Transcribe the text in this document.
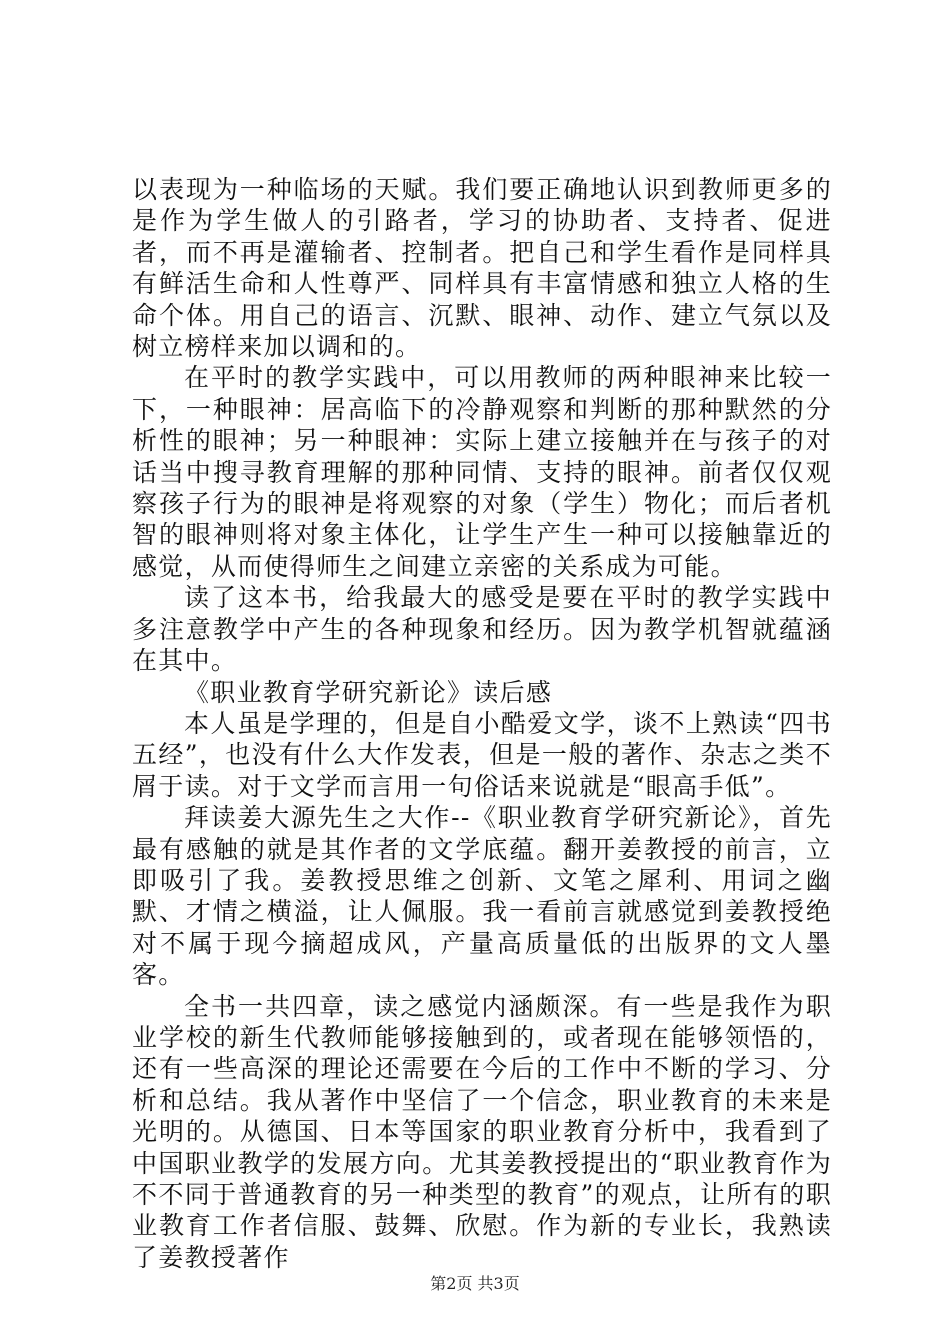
以表现为一种临场的天赋。我们要正确地认识到教师更多的是作为学生做人的引路者，学习的协助者、支持者、促进者，而不再是灌输者、控制者。把自己和学生看作是同样具有鲜活生命和人性尊严、同样具有丰富情感和独立人格的生命个体。用自己的语言、沉默、眼神、动作、建立气氛以及树立榜样来加以调和的。

在平时的教学实践中，可以用教师的两种眼神来比较一下，一种眼神：居高临下的冷静观察和判断的那种默然的分析性的眼神；另一种眼神：实际上建立接触并在与孩子的对话当中搜寻教育理解的那种同情、支持的眼神。前者仅仅观察孩子行为的眼神是将观察的对象（学生）物化；而后者机智的眼神则将对象主体化，让学生产生一种可以接触靠近的感觉，从而使得师生之间建立亲密的关系成为可能。

读了这本书，给我最大的感受是要在平时的教学实践中多注意教学中产生的各种现象和经历。因为教学机智就蕴涵在其中。

《职业教育学研究新论》读后感

本人虽是学理的，但是自小酷爱文学，谈不上熟读“四书五经”，也没有什么大作发表，但是一般的著作、杂志之类不屑于读。对于文学而言用一句俗话来说就是“眼高手低”。

拜读姜大源先生之大作--《职业教育学研究新论》，首先最有感触的就是其作者的文学底蕴。翻开姜教授的前言，立即吸引了我。姜教授思维之创新、文笔之犀利、用词之幽默、才情之横溢，让人佩服。我一看前言就感觉到姜教授绝对不属于现今摘超成风，产量高质量低的出版界的文人墨客。

全书一共四章，读之感觉内涵颇深。有一些是我作为职业学校的新生代教师能够接触到的，或者现在能够领悟的，还有一些高深的理论还需要在今后的工作中不断的学习、分析和总结。我从著作中坚信了一个信念，职业教育的未来是光明的。从德国、日本等国家的职业教育分析中，我看到了中国职业教学的发展方向。尤其姜教授提出的“职业教育作为不不同于普通教育的另一种类型的教育”的观点，让所有的职业教育工作者信服、鼓舞、欣慰。作为新的专业长，我熟读了姜教授著作

第2页 共3页
